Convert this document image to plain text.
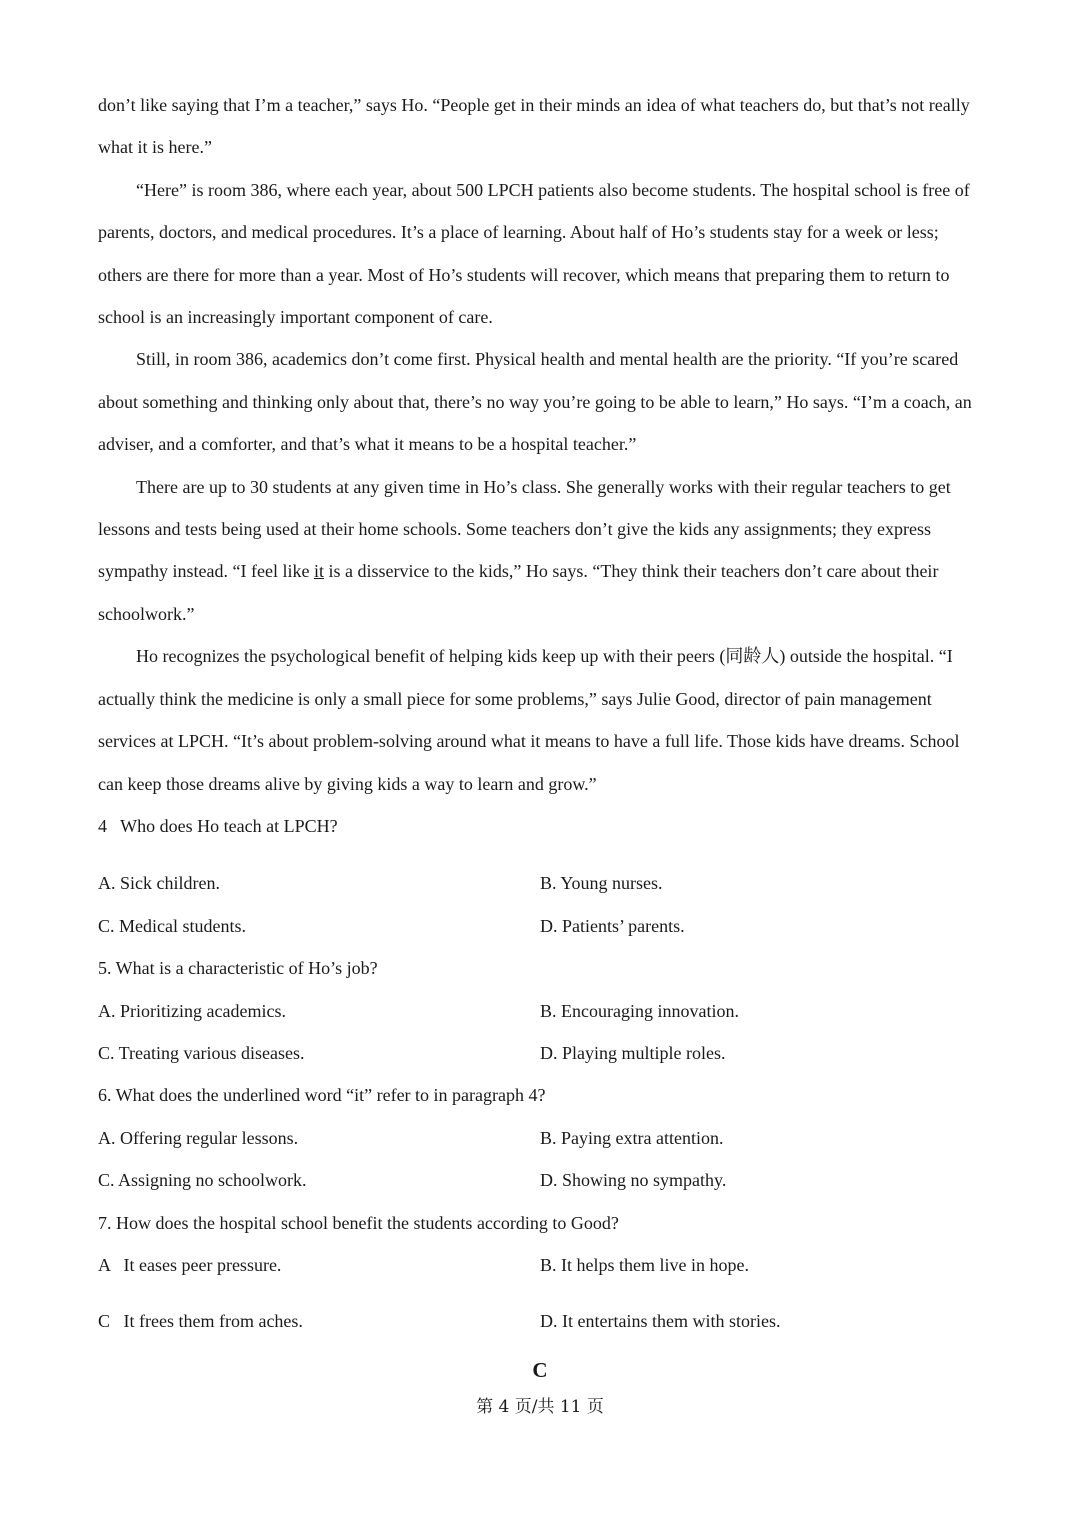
don’t like saying that I’m a teacher,” says Ho. “People get in their minds an idea of what teachers do, but that’s not really what it is here.”

“Here” is room 386, where each year, about 500 LPCH patients also become students. The hospital school is free of parents, doctors, and medical procedures. It’s a place of learning. About half of Ho’s students stay for a week or less; others are there for more than a year. Most of Ho’s students will recover, which means that preparing them to return to school is an increasingly important component of care.

Still, in room 386, academics don’t come first. Physical health and mental health are the priority. “If you’re scared about something and thinking only about that, there’s no way you’re going to be able to learn,” Ho says. “I’m a coach, an adviser, and a comforter, and that’s what it means to be a hospital teacher.”

There are up to 30 students at any given time in Ho’s class. She generally works with their regular teachers to get lessons and tests being used at their home schools. Some teachers don’t give the kids any assignments; they express sympathy instead. “I feel like it is a disservice to the kids,” Ho says. “They think their teachers don’t care about their schoolwork.”

Ho recognizes the psychological benefit of helping kids keep up with their peers (同龄人) outside the hospital. “I actually think the medicine is only a small piece for some problems,” says Julie Good, director of pain management services at LPCH. “It’s about problem-solving around what it means to have a full life. Those kids have dreams. School can keep those dreams alive by giving kids a way to learn and grow.”

4   Who does Ho teach at LPCH?

A. Sick children.	B. Young nurses.

C. Medical students.	D. Patients’ parents.

5. What is a characteristic of Ho’s job?

A. Prioritizing academics.	B. Encouraging innovation.

C. Treating various diseases.	D. Playing multiple roles.

6. What does the underlined word “it” refer to in paragraph 4?

A. Offering regular lessons.	B. Paying extra attention.

C. Assigning no schoolwork.	D. Showing no sympathy.

7. How does the hospital school benefit the students according to Good?

A   It eases peer pressure.	B. It helps them live in hope.

C   It frees them from aches.	D. It entertains them with stories.

C
第 4 页/共 11 页
